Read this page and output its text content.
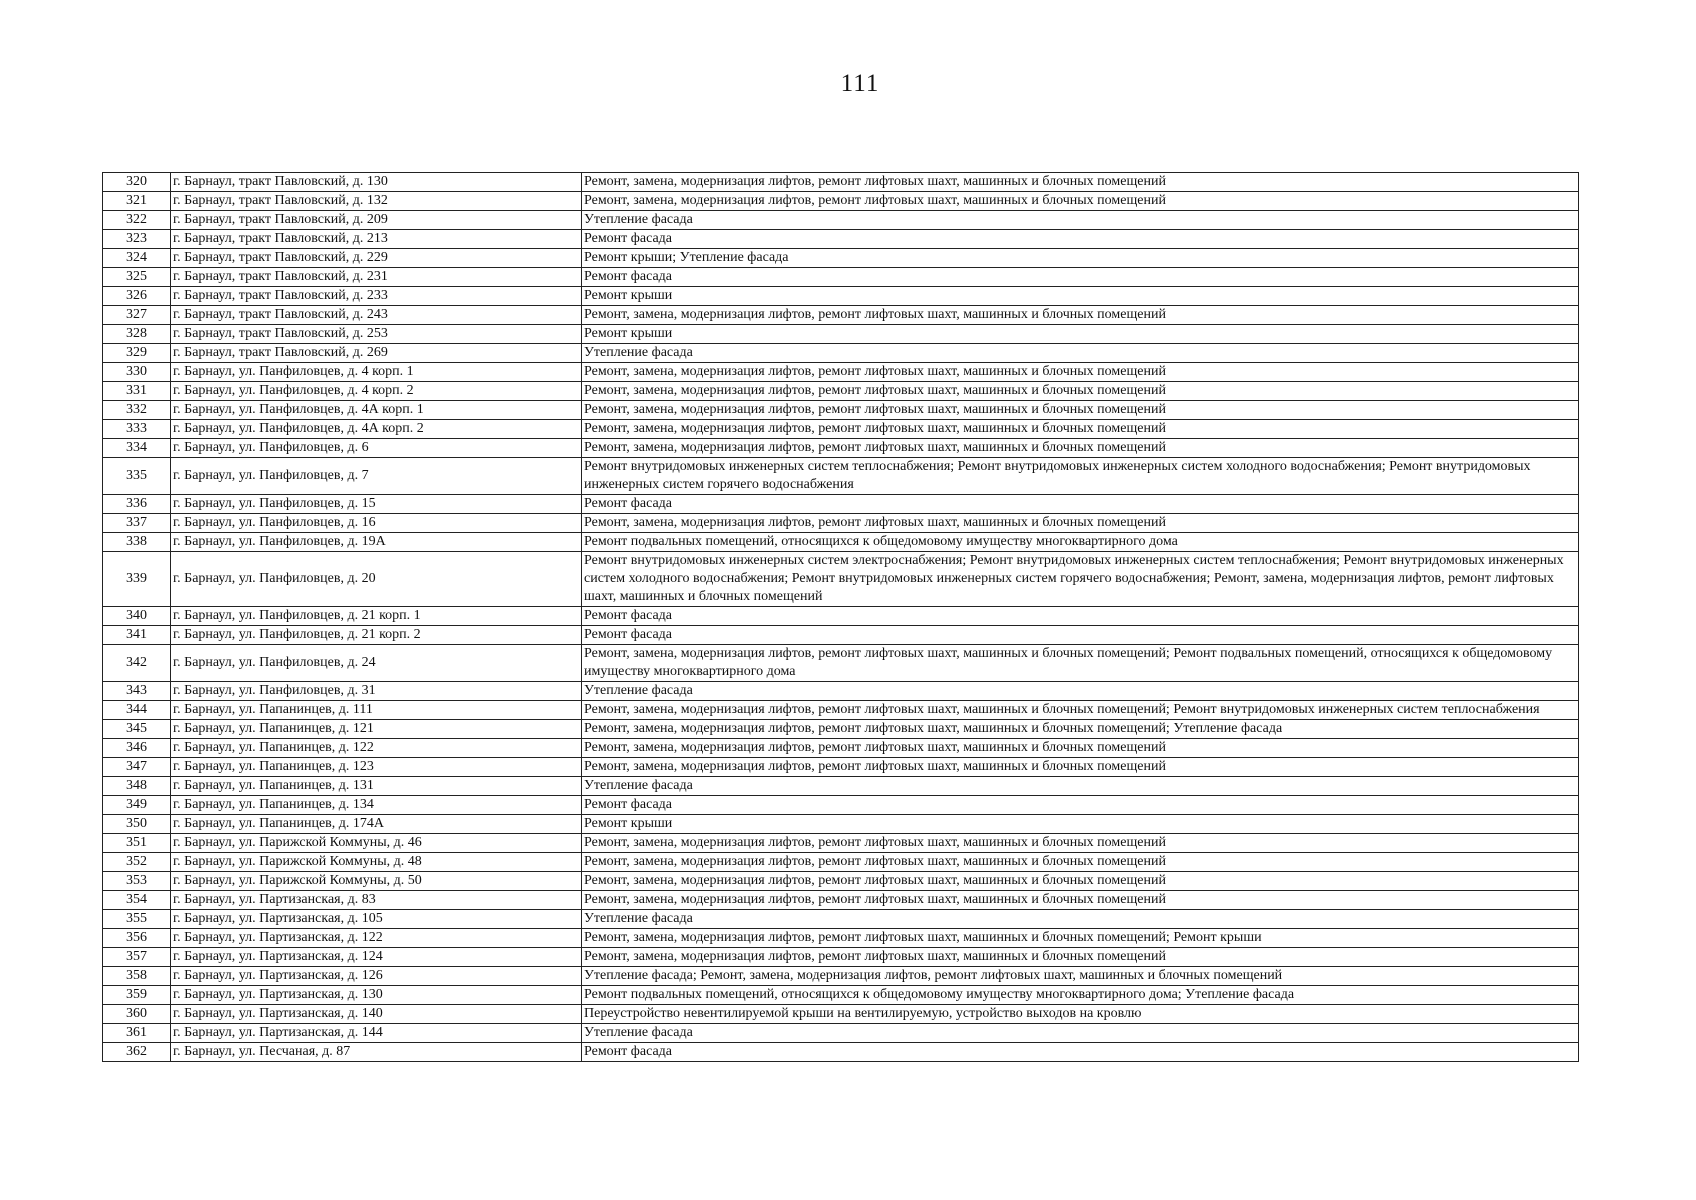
111
320	г. Барнаул, тракт Павловский, д. 130	Ремонт, замена, модернизация лифтов, ремонт лифтовых шахт, машинных и блочных помещений
321	г. Барнаул, тракт Павловский, д. 132	Ремонт, замена, модернизация лифтов, ремонт лифтовых шахт, машинных и блочных помещений
322	г. Барнаул, тракт Павловский, д. 209	Утепление фасада
323	г. Барнаул, тракт Павловский, д. 213	Ремонт фасада
324	г. Барнаул, тракт Павловский, д. 229	Ремонт крыши; Утепление фасада
325	г. Барнаул, тракт Павловский, д. 231	Ремонт фасада
326	г. Барнаул, тракт Павловский, д. 233	Ремонт крыши
327	г. Барнаул, тракт Павловский, д. 243	Ремонт, замена, модернизация лифтов, ремонт лифтовых шахт, машинных и блочных помещений
328	г. Барнаул, тракт Павловский, д. 253	Ремонт крыши
329	г. Барнаул, тракт Павловский, д. 269	Утепление фасада
330	г. Барнаул, ул. Панфиловцев, д. 4 корп. 1	Ремонт, замена, модернизация лифтов, ремонт лифтовых шахт, машинных и блочных помещений
331	г. Барнаул, ул. Панфиловцев, д. 4 корп. 2	Ремонт, замена, модернизация лифтов, ремонт лифтовых шахт, машинных и блочных помещений
332	г. Барнаул, ул. Панфиловцев, д. 4А корп. 1	Ремонт, замена, модернизация лифтов, ремонт лифтовых шахт, машинных и блочных помещений
333	г. Барнаул, ул. Панфиловцев, д. 4А корп. 2	Ремонт, замена, модернизация лифтов, ремонт лифтовых шахт, машинных и блочных помещений
334	г. Барнаул, ул. Панфиловцев, д. 6	Ремонт, замена, модернизация лифтов, ремонт лифтовых шахт, машинных и блочных помещений
335	г. Барнаул, ул. Панфиловцев, д. 7	Ремонт внутридомовых инженерных систем теплоснабжения; Ремонт внутридомовых инженерных систем холодного водоснабжения; Ремонт внутридомовых инженерных систем горячего водоснабжения
336	г. Барнаул, ул. Панфиловцев, д. 15	Ремонт фасада
337	г. Барнаул, ул. Панфиловцев, д. 16	Ремонт, замена, модернизация лифтов, ремонт лифтовых шахт, машинных и блочных помещений
338	г. Барнаул, ул. Панфиловцев, д. 19А	Ремонт подвальных помещений, относящихся к общедомовому имуществу многоквартирного дома
339	г. Барнаул, ул. Панфиловцев, д. 20	Ремонт внутридомовых инженерных систем электроснабжения; Ремонт внутридомовых инженерных систем теплоснабжения; Ремонт внутридомовых инженерных систем холодного водоснабжения; Ремонт внутридомовых инженерных систем горячего водоснабжения; Ремонт, замена, модернизация лифтов, ремонт лифтовых шахт, машинных и блочных помещений
340	г. Барнаул, ул. Панфиловцев, д. 21 корп. 1	Ремонт фасада
341	г. Барнаул, ул. Панфиловцев, д. 21 корп. 2	Ремонт фасада
342	г. Барнаул, ул. Панфиловцев, д. 24	Ремонт, замена, модернизация лифтов, ремонт лифтовых шахт, машинных и блочных помещений; Ремонт подвальных помещений, относящихся к общедомовому имуществу многоквартирного дома
343	г. Барнаул, ул. Панфиловцев, д. 31	Утепление фасада
344	г. Барнаул, ул. Папанинцев, д. 111	Ремонт, замена, модернизация лифтов, ремонт лифтовых шахт, машинных и блочных помещений; Ремонт внутридомовых инженерных систем теплоснабжения
345	г. Барнаул, ул. Папанинцев, д. 121	Ремонт, замена, модернизация лифтов, ремонт лифтовых шахт, машинных и блочных помещений; Утепление фасада
346	г. Барнаул, ул. Папанинцев, д. 122	Ремонт, замена, модернизация лифтов, ремонт лифтовых шахт, машинных и блочных помещений
347	г. Барнаул, ул. Папанинцев, д. 123	Ремонт, замена, модернизация лифтов, ремонт лифтовых шахт, машинных и блочных помещений
348	г. Барнаул, ул. Папанинцев, д. 131	Утепление фасада
349	г. Барнаул, ул. Папанинцев, д. 134	Ремонт фасада
350	г. Барнаул, ул. Папанинцев, д. 174А	Ремонт крыши
351	г. Барнаул, ул. Парижской Коммуны, д. 46	Ремонт, замена, модернизация лифтов, ремонт лифтовых шахт, машинных и блочных помещений
352	г. Барнаул, ул. Парижской Коммуны, д. 48	Ремонт, замена, модернизация лифтов, ремонт лифтовых шахт, машинных и блочных помещений
353	г. Барнаул, ул. Парижской Коммуны, д. 50	Ремонт, замена, модернизация лифтов, ремонт лифтовых шахт, машинных и блочных помещений
354	г. Барнаул, ул. Партизанская, д. 83	Ремонт, замена, модернизация лифтов, ремонт лифтовых шахт, машинных и блочных помещений
355	г. Барнаул, ул. Партизанская, д. 105	Утепление фасада
356	г. Барнаул, ул. Партизанская, д. 122	Ремонт, замена, модернизация лифтов, ремонт лифтовых шахт, машинных и блочных помещений; Ремонт крыши
357	г. Барнаул, ул. Партизанская, д. 124	Ремонт, замена, модернизация лифтов, ремонт лифтовых шахт, машинных и блочных помещений
358	г. Барнаул, ул. Партизанская, д. 126	Утепление фасада; Ремонт, замена, модернизация лифтов, ремонт лифтовых шахт, машинных и блочных помещений
359	г. Барнаул, ул. Партизанская, д. 130	Ремонт подвальных помещений, относящихся к общедомовому имуществу многоквартирного дома; Утепление фасада
360	г. Барнаул, ул. Партизанская, д. 140	Переустройство невентилируемой крыши на вентилируемую, устройство выходов на кровлю
361	г. Барнаул, ул. Партизанская, д. 144	Утепление фасада
362	г. Барнаул, ул. Песчаная, д. 87	Ремонт фасада
